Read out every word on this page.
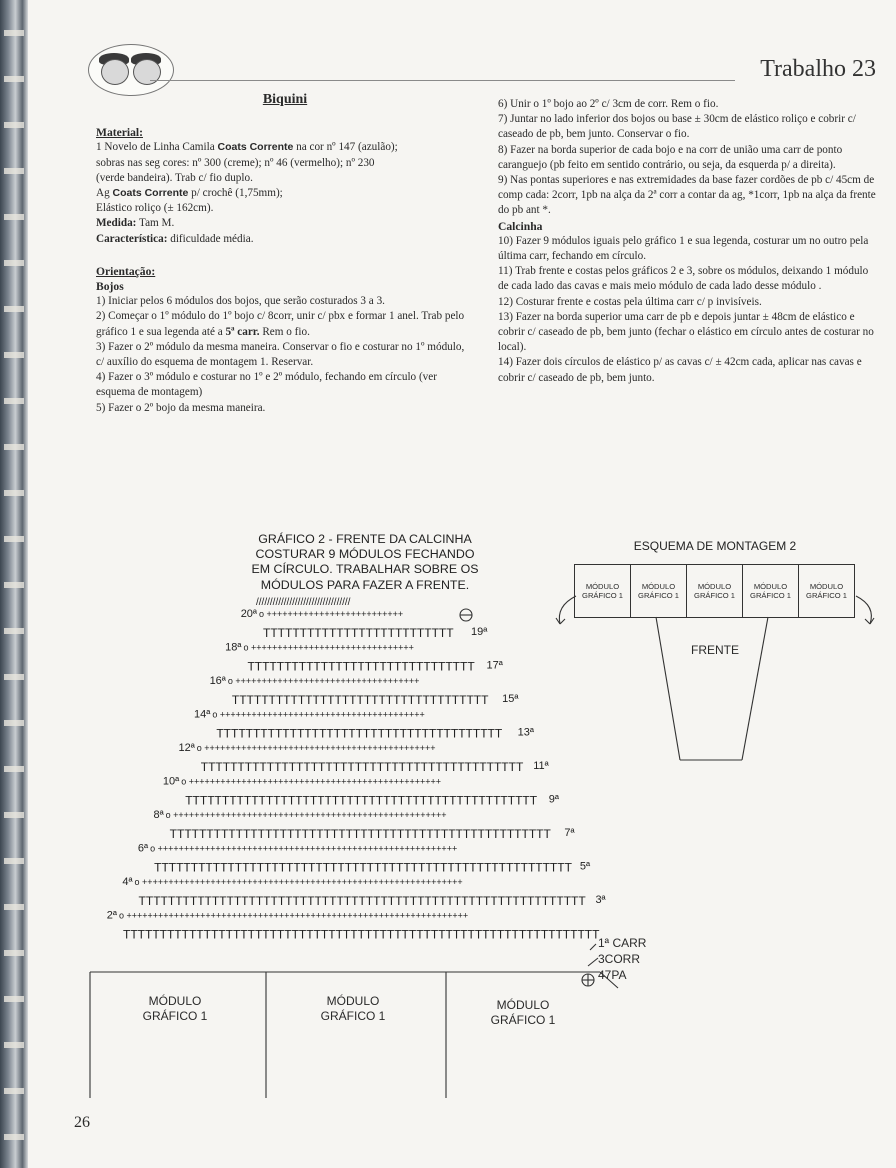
Trabalho 23
Biquini
Material:

1 Novelo de Linha Camila Coats Corrente na cor nº 147 (azulão);

sobras nas seg cores: nº 300 (creme); nº 46 (vermelho); nº 230

(verde bandeira). Trab c/ fio duplo.

Ag Coats Corrente p/ crochê (1,75mm);

Elástico roliço (± 162cm).

Medida: Tam M.

Característica: dificuldade média.

Orientação:
Bojos

1) Iniciar pelos 6 módulos dos bojos, que serão costurados 3 a 3.

2) Começar o 1º módulo do 1º bojo c/ 8corr, unir c/ pbx e formar 1 anel. Trab pelo gráfico 1 e sua legenda até a 5ª carr. Rem o fio.

3) Fazer o 2º módulo da mesma maneira. Conservar o fio e costurar no 1º módulo, c/ auxílio do esquema de montagem 1. Reservar.

4) Fazer o 3º módulo e costurar no 1º e 2º módulo, fechando em círculo (ver esquema de montagem)

5) Fazer o 2º bojo da mesma maneira.

6) Unir o 1º bojo ao 2º c/ 3cm de corr. Rem o fio.

7) Juntar no lado inferior dos bojos ou base ± 30cm de elástico roliço e cobrir c/ caseado de pb, bem junto. Conservar o fio.

8) Fazer na borda superior de cada bojo e na corr de união uma carr de ponto caranguejo (pb feito em sentido contrário, ou seja, da esquerda p/ a direita).

9) Nas pontas superiores e nas extremidades da base fazer cordões de pb c/ 45cm de comp cada: 2corr, 1pb na alça da 2ª corr a contar da ag, *1corr, 1pb na alça da frente do pb ant *.

Calcinha

10) Fazer 9 módulos iguais pelo gráfico 1 e sua legenda, costurar um no outro pela última carr, fechando em círculo.

11) Trab frente e costas pelos gráficos 2 e 3, sobre os módulos, deixando 1 módulo de cada lado das cavas e mais meio módulo de cada lado desse módulo .

12) Costurar frente e costas pela última carr c/ p invisíveis.

13) Fazer na borda superior uma carr de pb e depois juntar ± 48cm de elástico e cobrir c/ caseado de pb, bem junto (fechar o elástico em círculo antes de costurar no local).

14) Fazer dois círculos de elástico p/ as cavas c/ ± 42cm cada, aplicar nas cavas e cobrir c/ caseado de pb, bem junto.

GRÁFICO 2 - FRENTE DA CALCINHA
COSTURAR 9 MÓDULOS FECHANDO
EM CÍRCULO. TRABALHAR SOBRE OS
MÓDULOS PARA FAZER A FRENTE.
//////////////////////////////////
20ª o ++++++++++++++++++++++++++
TTTTTTTTTTTTTTTTTTTTTTTTTT 19ª
18ª o +++++++++++++++++++++++++++++++
TTTTTTTTTTTTTTTTTTTTTTTTTTTTTTT 17ª
16ª o +++++++++++++++++++++++++++++++++++
TTTTTTTTTTTTTTTTTTTTTTTTTTTTTTTTTTT 15ª
14ª o +++++++++++++++++++++++++++++++++++++++
TTTTTTTTTTTTTTTTTTTTTTTTTTTTTTTTTTTTTTT 13ª
12ª o ++++++++++++++++++++++++++++++++++++++++++++
TTTTTTTTTTTTTTTTTTTTTTTTTTTTTTTTTTTTTTTTTTTT 11ª
10ª o ++++++++++++++++++++++++++++++++++++++++++++++++
TTTTTTTTTTTTTTTTTTTTTTTTTTTTTTTTTTTTTTTTTTTTTTTT 9ª
8ª o ++++++++++++++++++++++++++++++++++++++++++++++++++++
TTTTTTTTTTTTTTTTTTTTTTTTTTTTTTTTTTTTTTTTTTTTTTTTTTTT 7ª
6ª o +++++++++++++++++++++++++++++++++++++++++++++++++++++++++
TTTTTTTTTTTTTTTTTTTTTTTTTTTTTTTTTTTTTTTTTTTTTTTTTTTTTTTTT 5ª
4ª o +++++++++++++++++++++++++++++++++++++++++++++++++++++++++++++
TTTTTTTTTTTTTTTTTTTTTTTTTTTTTTTTTTTTTTTTTTTTTTTTTTTTTTTTTTTTT 3ª
2ª o +++++++++++++++++++++++++++++++++++++++++++++++++++++++++++++++++
TTTTTTTTTTTTTTTTTTTTTTTTTTTTTTTTTTTTTTTTTTTTTTTTTTTTTTTTTTTTTTTTT
1ª CARR
3CORR
47PA
MÓDULO
GRÁFICO 1
MÓDULO
GRÁFICO 1
MÓDULO
GRÁFICO 1
ESQUEMA DE MONTAGEM 2
MÓDULO
GRÁFICO 1
MÓDULO
GRÁFICO 1
MÓDULO
GRÁFICO 1
MÓDULO
GRÁFICO 1
MÓDULO
GRÁFICO 1
FRENTE
26
